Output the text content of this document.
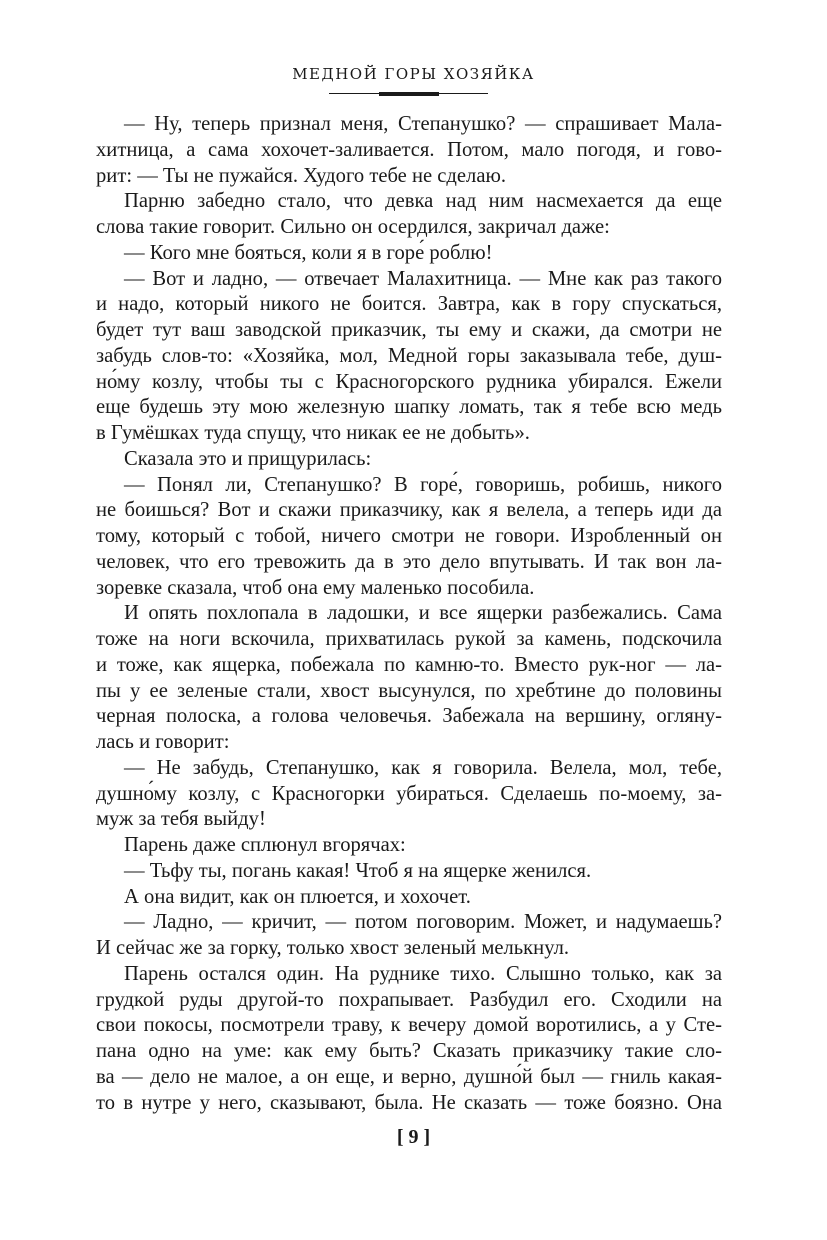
МЕДНОЙ ГОРЫ ХОЗЯЙКА
— Ну, теперь признал меня, Степанушко? — спрашивает Мала-
хитница, а сама хохочет-заливается. Потом, мало погодя, и гово-
рит: — Ты не пужайся. Худого тебе не сделаю.
Парню забедно стало, что девка над ним насмехается да еще
слова такие говорит. Сильно он осердился, закричал даже:
— Кого мне бояться, коли я в горе́ роблю!
— Вот и ладно, — отвечает Малахитница. — Мне как раз такого
и надо, который никого не боится. Завтра, как в гору спускаться,
будет тут ваш заводской приказчик, ты ему и скажи, да смотри не
забудь слов-то: «Хозяйка, мол, Медной горы заказывала тебе, душ-
но́му козлу, чтобы ты с Красногорского рудника убирался. Ежели
еще будешь эту мою железную шапку ломать, так я тебе всю медь
в Гумёшках туда спущу, что никак ее не добыть».
Сказала это и прищурилась:
— Понял ли, Степанушко? В горе́, говоришь, робишь, никого
не боишься? Вот и скажи приказчику, как я велела, а теперь иди да
тому, который с тобой, ничего смотри не говори. Изробленный он
человек, что его тревожить да в это дело впутывать. И так вон ла-
зоревке сказала, чтоб она ему маленько пособила.
И опять похлопала в ладошки, и все ящерки разбежались. Сама
тоже на ноги вскочила, прихватилась рукой за камень, подскочила
и тоже, как ящерка, побежала по камню-то. Вместо рук-ног — ла-
пы у ее зеленые стали, хвост высунулся, по хребтине до половины
черная полоска, а голова человечья. Забежала на вершину, огляну-
лась и говорит:
— Не забудь, Степанушко, как я говорила. Велела, мол, тебе,
душно́му козлу, с Красногорки убираться. Сделаешь по-моему, за-
муж за тебя выйду!
Парень даже сплюнул вгорячах:
— Тьфу ты, погань какая! Чтоб я на ящерке женился.
А она видит, как он плюется, и хохочет.
— Ладно, — кричит, — потом поговорим. Может, и надумаешь?
И сейчас же за горку, только хвост зеленый мелькнул.
Парень остался один. На руднике тихо. Слышно только, как за
грудкой руды другой-то похрапывает. Разбудил его. Сходили на
свои покосы, посмотрели траву, к вечеру домой воротились, а у Сте-
пана одно на уме: как ему быть? Сказать приказчику такие сло-
ва — дело не малое, а он еще, и верно, душно́й был — гниль какая-
то в нутре у него, сказывают, была. Не сказать — тоже боязно. Она
[ 9 ]
